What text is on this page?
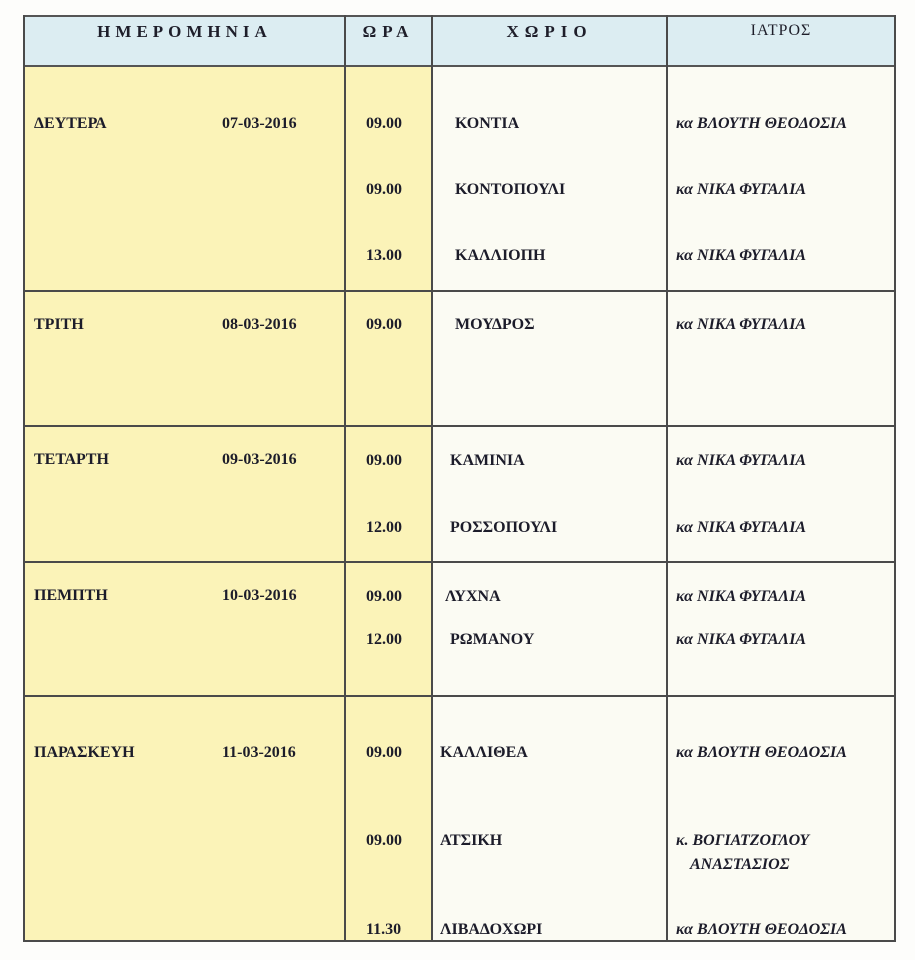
ΗΜΕΡΟΜΗΝΙΑ	ΩΡΑ	ΧΩΡΙΟ	ΙΑΤΡΟΣ
ΔΕΥΤΕΡΑ	07-03-2016	09.00	ΚΟΝΤΙΑ	κα ΒΛΟΥΤΗ ΘΕΟΔΟΣΙΑ
09.00	ΚΟΝΤΟΠΟΥΛΙ	κα ΝΙΚΑ ΦΥΓΑΛΙΑ
13.00	ΚΑΛΛΙΟΠΗ	κα ΝΙΚΑ ΦΥΓΑΛΙΑ
ΤΡΙΤΗ	08-03-2016	09.00	ΜΟΥΔΡΟΣ	κα ΝΙΚΑ ΦΥΓΑΛΙΑ
ΤΕΤΑΡΤΗ	09-03-2016	09.00	ΚΑΜΙΝΙΑ	κα ΝΙΚΑ ΦΥΓΑΛΙΑ
12.00	ΡΟΣΣΟΠΟΥΛΙ	κα ΝΙΚΑ ΦΥΓΑΛΙΑ
ΠΕΜΠΤΗ	10-03-2016	09.00	ΛΥΧΝΑ	κα ΝΙΚΑ ΦΥΓΑΛΙΑ
12.00	ΡΩΜΑΝΟΥ	κα ΝΙΚΑ ΦΥΓΑΛΙΑ
ΠΑΡΑΣΚΕΥΗ	11-03-2016	09.00 ΚΑΛΛΙΘΕΑ	κα ΒΛΟΥΤΗ ΘΕΟΔΟΣΙΑ
09.00 ΑΤΣΙΚΗ	κ. ΒΟΓΙΑΤΖΟΓΛΟΥ
ΑΝΑΣΤΑΣΙΟΣ
11.30 ΛΙΒΑΔΟΧΩΡΙ	κα ΒΛΟΥΤΗ ΘΕΟΔΟΣΙΑ
